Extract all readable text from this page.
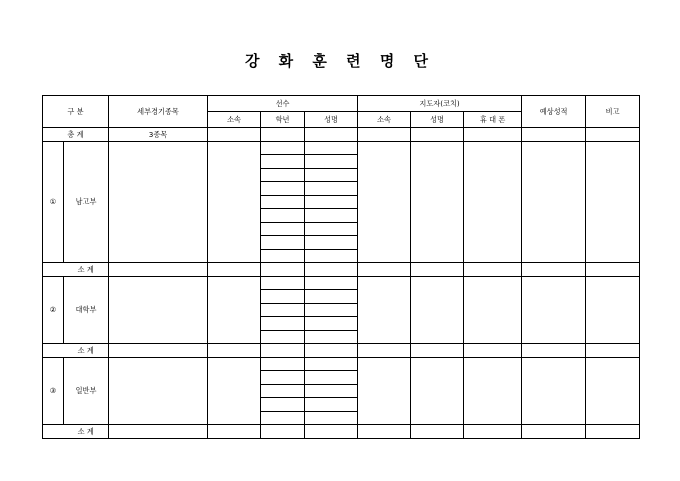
강 화 훈 련 명 단
구 분		세부경기종목	선수			지도자(코치)			예상성적	비고
			소속	학년	성명	소속	성명	휴 대 폰		
총 계		3종목								
①	남고부									

	소 계									
②	대학부									

	소 계									
③	일반부									

	소 계									
